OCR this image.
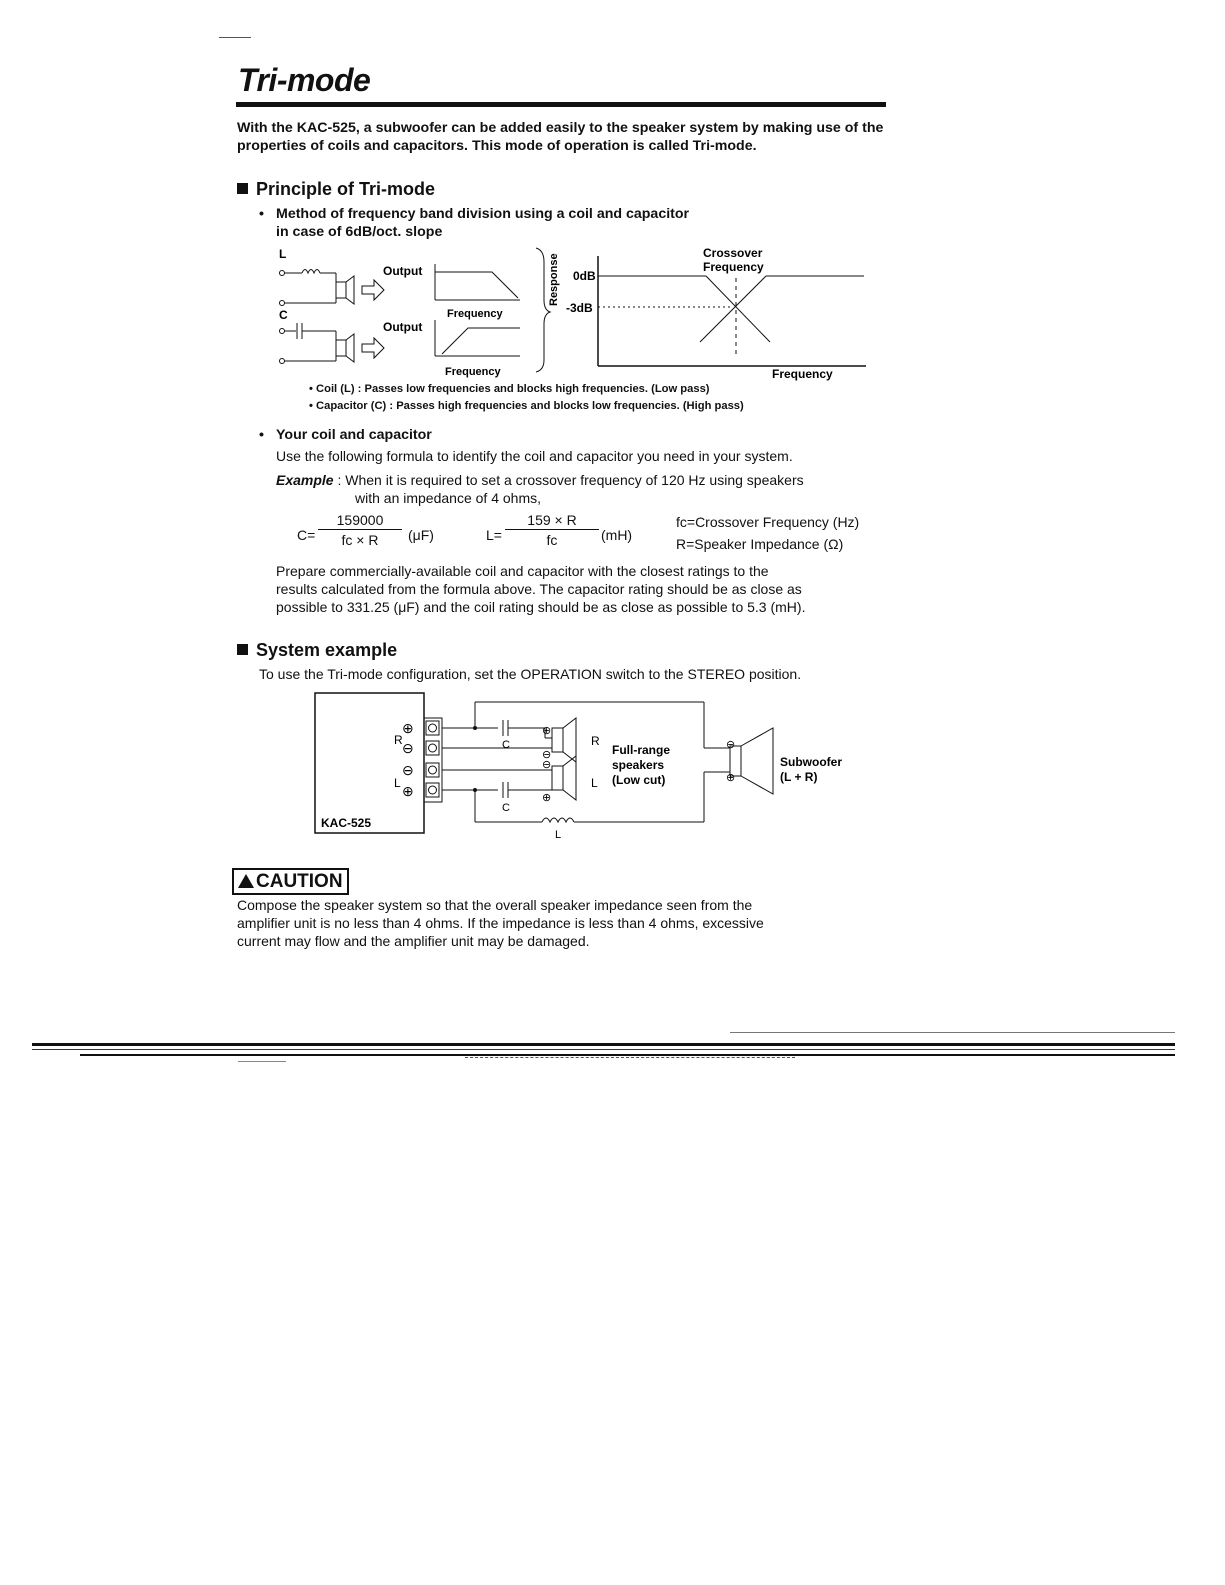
Tri-mode
With the KAC-525, a subwoofer can be added easily to the speaker system by making use of the properties of coils and capacitors. This mode of operation is called Tri-mode.
Principle of Tri-mode
• Method of frequency band division using a coil and capacitor
in case of 6dB/oct. slope
L
C
Output
Output
Frequency
Frequency
Response 0dB
-3dB
Crossover
Frequency
Frequency
• Coil (L) : Passes low frequencies and blocks high frequencies. (Low pass)
• Capacitor (C) : Passes high frequencies and blocks low frequencies. (High pass)
• Your coil and capacitor
Use the following formula to identify the coil and capacitor you need in your system.
Example : When it is required to set a crossover frequency of 120 Hz using speakers
with an impedance of 4 ohms,
$C= \frac{159000}{fc \times R} (\mu F)$	$L= \frac{159 \times R}{fc} (mH)$
fc=Crossover Frequency (Hz)
R=Speaker Impedance (Ω)
Prepare commercially-available coil and capacitor with the closest ratings to the
results calculated from the formula above. The capacitor rating should be as close as
possible to 331.25 (μF) and the coil rating should be as close as possible to 5.3 (mH).
System example
To use the Tri-mode configuration, set the OPERATION switch to the STEREO position.
KAC-525
R
L
⊕
⊖
⊖
⊕
⊕
⊖
⊖
⊕
C
C
L
R
L
Full-range
speakers
(Low cut)
⊖
⊕
Subwoofer
(L + R)
CAUTION
Compose the speaker system so that the overall speaker impedance seen from the
amplifier unit is no less than 4 ohms. If the impedance is less than 4 ohms, excessive
current may flow and the amplifier unit may be damaged.
